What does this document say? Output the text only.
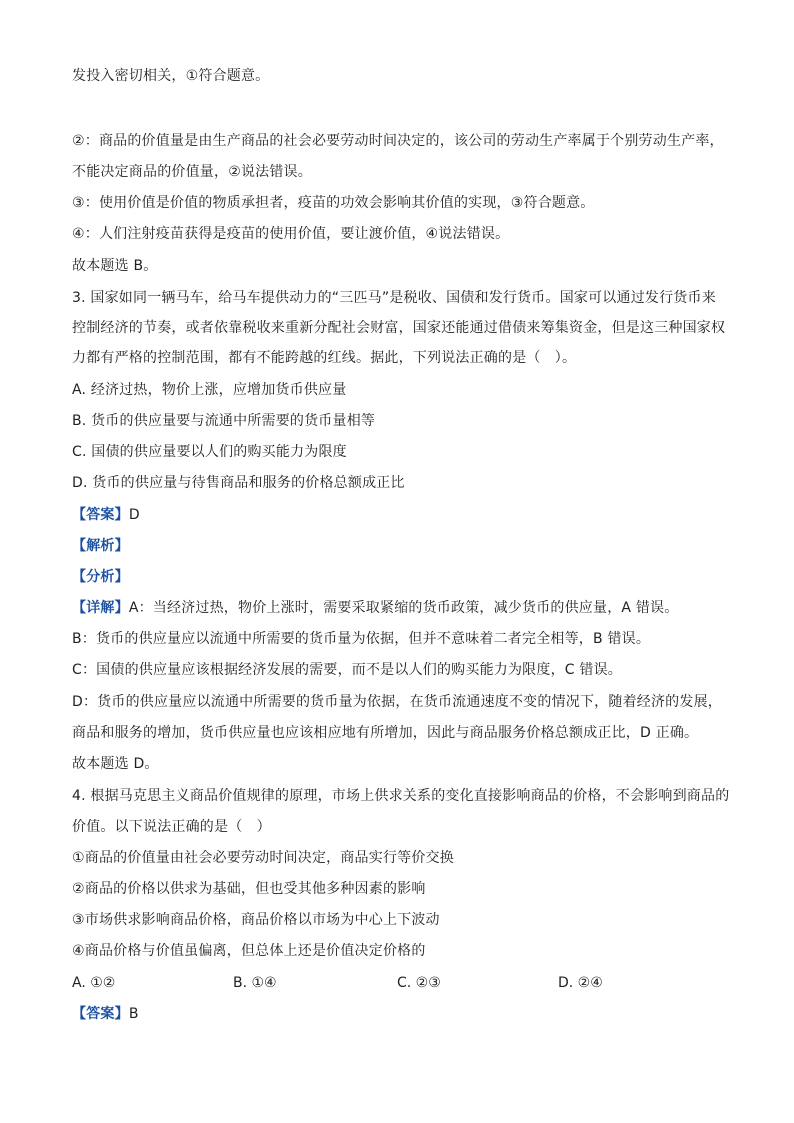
发投入密切相关，①符合题意。
②：商品的价值量是由生产商品的社会必要劳动时间决定的，该公司的劳动生产率属于个别劳动生产率，
不能决定商品的价值量，②说法错误。
③：使用价值是价值的物质承担者，疫苗的功效会影响其价值的实现，③符合题意。
④：人们注射疫苗获得是疫苗的使用价值，要让渡价值，④说法错误。
故本题选 B。
3. 国家如同一辆马车，给马车提供动力的“三匹马”是税收、国债和发行货币。国家可以通过发行货币来
控制经济的节奏，或者依靠税收来重新分配社会财富，国家还能通过借债来筹集资金，但是这三种国家权
力都有严格的控制范围，都有不能跨越的红线。据此，下列说法正确的是（　）。
A. 经济过热，物价上涨，应增加货币供应量
B. 货币的供应量要与流通中所需要的货币量相等
C. 国债的供应量要以人们的购买能力为限度
D. 货币的供应量与待售商品和服务的价格总额成正比
【答案】D
【解析】
【分析】
【详解】A：当经济过热，物价上涨时，需要采取紧缩的货币政策，减少货币的供应量，A 错误。
B：货币的供应量应以流通中所需要的货币量为依据，但并不意味着二者完全相等，B 错误。
C：国债的供应量应该根据经济发展的需要，而不是以人们的购买能力为限度，C 错误。
D：货币的供应量应以流通中所需要的货币量为依据，在货币流通速度不变的情况下，随着经济的发展，
商品和服务的增加，货币供应量也应该相应地有所增加，因此与商品服务价格总额成正比，D 正确。
故本题选 D。
4. 根据马克思主义商品价值规律的原理，市场上供求关系的变化直接影响商品的价格，不会影响到商品的
价值。以下说法正确的是（　）
①商品的价值量由社会必要劳动时间决定，商品实行等价交换
②商品的价格以供求为基础，但也受其他多种因素的影响
③市场供求影响商品价格，商品价格以市场为中心上下波动
④商品价格与价值虽偏离，但总体上还是价值决定价格的
A. ①②	B. ①④	C. ②③	D. ②④
【答案】B
